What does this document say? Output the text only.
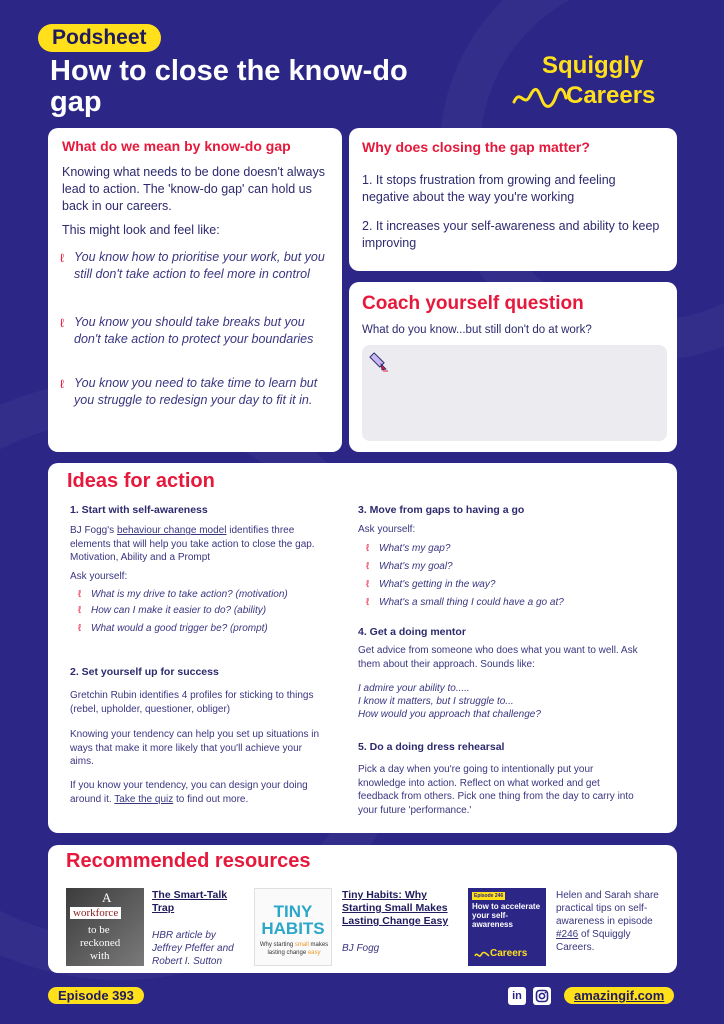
Podsheet
How to close the know-do gap
Squiggly
Careers
What do we mean by know-do gap
Knowing what needs to be done doesn't always lead to action. The 'know-do gap' can hold us back in our careers.
This might look and feel like:
ℓ You know how to prioritise your work, but you still don't take action to feel more in control
ℓ You know you should take breaks but you don't take action to protect your boundaries
ℓ You know you need to take time to learn but you struggle to redesign your day to fit it in.
Why does closing the gap matter?
1. It stops frustration from growing and feeling negative about the way you're working
2. It increases your self-awareness and ability to keep improving
Coach yourself question
What do you know...but still don't do at work?
Ideas for action
1. Start with self-awareness
BJ Fogg's behaviour change model identifies three elements that will help you take action to close the gap. Motivation, Ability and a Prompt
Ask yourself:
ℓ What is my drive to take action? (motivation)
ℓ How can I make it easier to do? (ability)
ℓ What would a good trigger be? (prompt)
2. Set yourself up for success
Gretchin Rubin identifies 4 profiles for sticking to things (rebel, upholder, questioner, obliger)
Knowing your tendency can help you set up situations in ways that make it more likely that you'll achieve your aims.
If you know your tendency, you can design your doing around it. Take the quiz to find out more.
3. Move from gaps to having a go
Ask yourself:
ℓ What's my gap?
ℓ What's my goal?
ℓ What's getting in the way?
ℓ What's a small thing I could have a go at?
4. Get a doing mentor
Get advice from someone who does what you want to well. Ask them about their approach. Sounds like:
I admire your ability to.....
I know it matters, but I struggle to...
How would you approach that challenge?
5. Do a doing dress rehearsal
Pick a day when you're going to intentionally put your knowledge into action. Reflect on what worked and get feedback from others. Pick one thing from the day to carry into your future 'performance.'
Recommended resources
A
workforce
to be
reckoned
with
The Smart-Talk Trap
HBR article by Jeffrey Pfeffer and Robert I. Sutton
TINY HABITS
Why starting small makes lasting change easy
Tiny Habits: Why Starting Small Makes Lasting Change Easy
BJ Fogg
Episode 246
How to accelerate your self-awareness
Careers
Helen and Sarah share practical tips on self-awareness in episode #246 of Squiggly Careers.
Episode 393	in	amazingif.com
